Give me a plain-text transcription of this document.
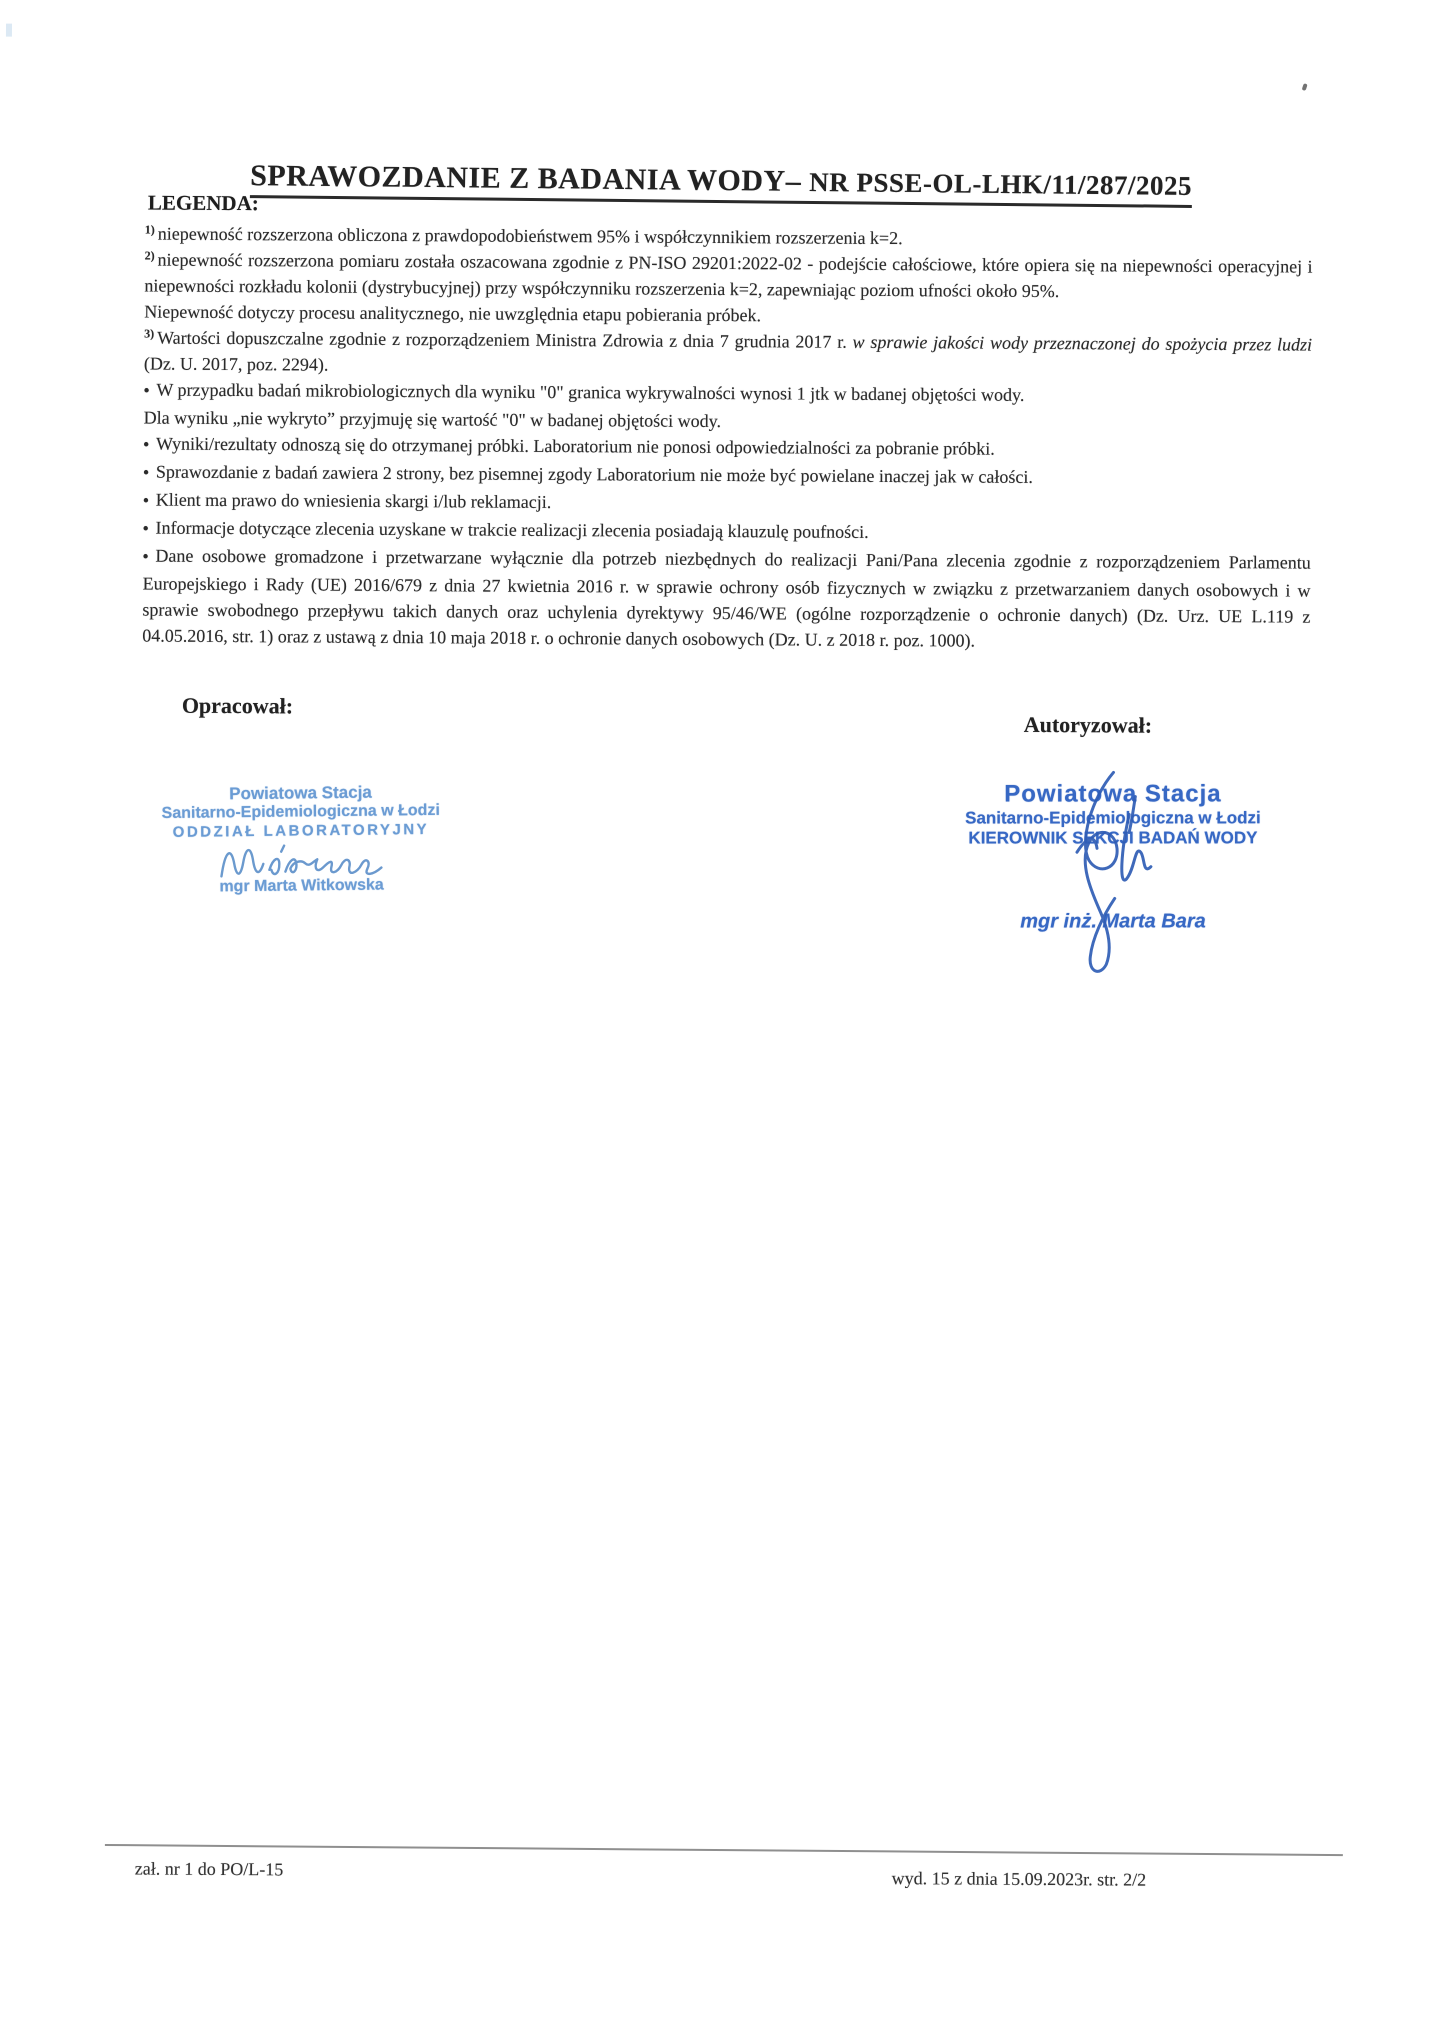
SPRAWOZDANIE Z BADANIA WODY– NR PSSE-OL-LHK/11/287/2025
LEGENDA:

$^{1)}$ niepewność rozszerzona obliczona z prawdopodobieństwem 95% i współczynnikiem rozszerzenia k=2.

$^{2)}$ niepewność rozszerzona pomiaru została oszacowana zgodnie z PN-ISO 29201:2022-02 - podejście całościowe, które opiera się na niepewności operacyjnej i niepewności rozkładu kolonii (dystrybucyjnej) przy współczynniku rozszerzenia k=2, zapewniając poziom ufności około 95%.

Niepewność dotyczy procesu analitycznego, nie uwzględnia etapu pobierania próbek.

$^{3)}$ Wartości dopuszczalne zgodnie z rozporządzeniem Ministra Zdrowia z dnia 7 grudnia 2017 r. w sprawie jakości wody przeznaczonej do spożycia przez ludzi (Dz. U. 2017, poz. 2294).

• W przypadku badań mikrobiologicznych dla wyniku "0" granica wykrywalności wynosi 1 jtk w badanej objętości wody.

Dla wyniku „nie wykryto” przyjmuję się wartość "0" w badanej objętości wody.

• Wyniki/rezultaty odnoszą się do otrzymanej próbki. Laboratorium nie ponosi odpowiedzialności za pobranie próbki.

• Sprawozdanie z badań zawiera 2 strony, bez pisemnej zgody Laboratorium nie może być powielane inaczej jak w całości.

• Klient ma prawo do wniesienia skargi i/lub reklamacji.

• Informacje dotyczące zlecenia uzyskane w trakcie realizacji zlecenia posiadają klauzulę poufności.

• Dane osobowe gromadzone i przetwarzane wyłącznie dla potrzeb niezbędnych do realizacji Pani/Pana zlecenia zgodnie z rozporządzeniem Parlamentu Europejskiego i Rady (UE) 2016/679 z dnia 27 kwietnia 2016 r. w sprawie ochrony osób fizycznych w związku z przetwarzaniem danych osobowych i w sprawie swobodnego przepływu takich danych oraz uchylenia dyrektywy 95/46/WE (ogólne rozporządzenie o ochronie danych) (Dz. Urz. UE L.119 z 04.05.2016, str. 1) oraz z ustawą z dnia 10 maja 2018 r. o ochronie danych osobowych (Dz. U. z 2018 r. poz. 1000).

Opracował:
Autoryzował:
Powiatowa Stacja
Sanitarno-Epidemiologiczna w Łodzi
ODDZIAŁ LABORATORYJNY
mgr Marta Witkowska
Powiatowa Stacja
Sanitarno-Epidemiologiczna w Łodzi
KIEROWNIK SEKCJI BADAŃ WODY
mgr inż. Marta Bara
zał. nr 1 do PO/L-15	wyd. 15 z dnia 15.09.2023r. str. 2/2
